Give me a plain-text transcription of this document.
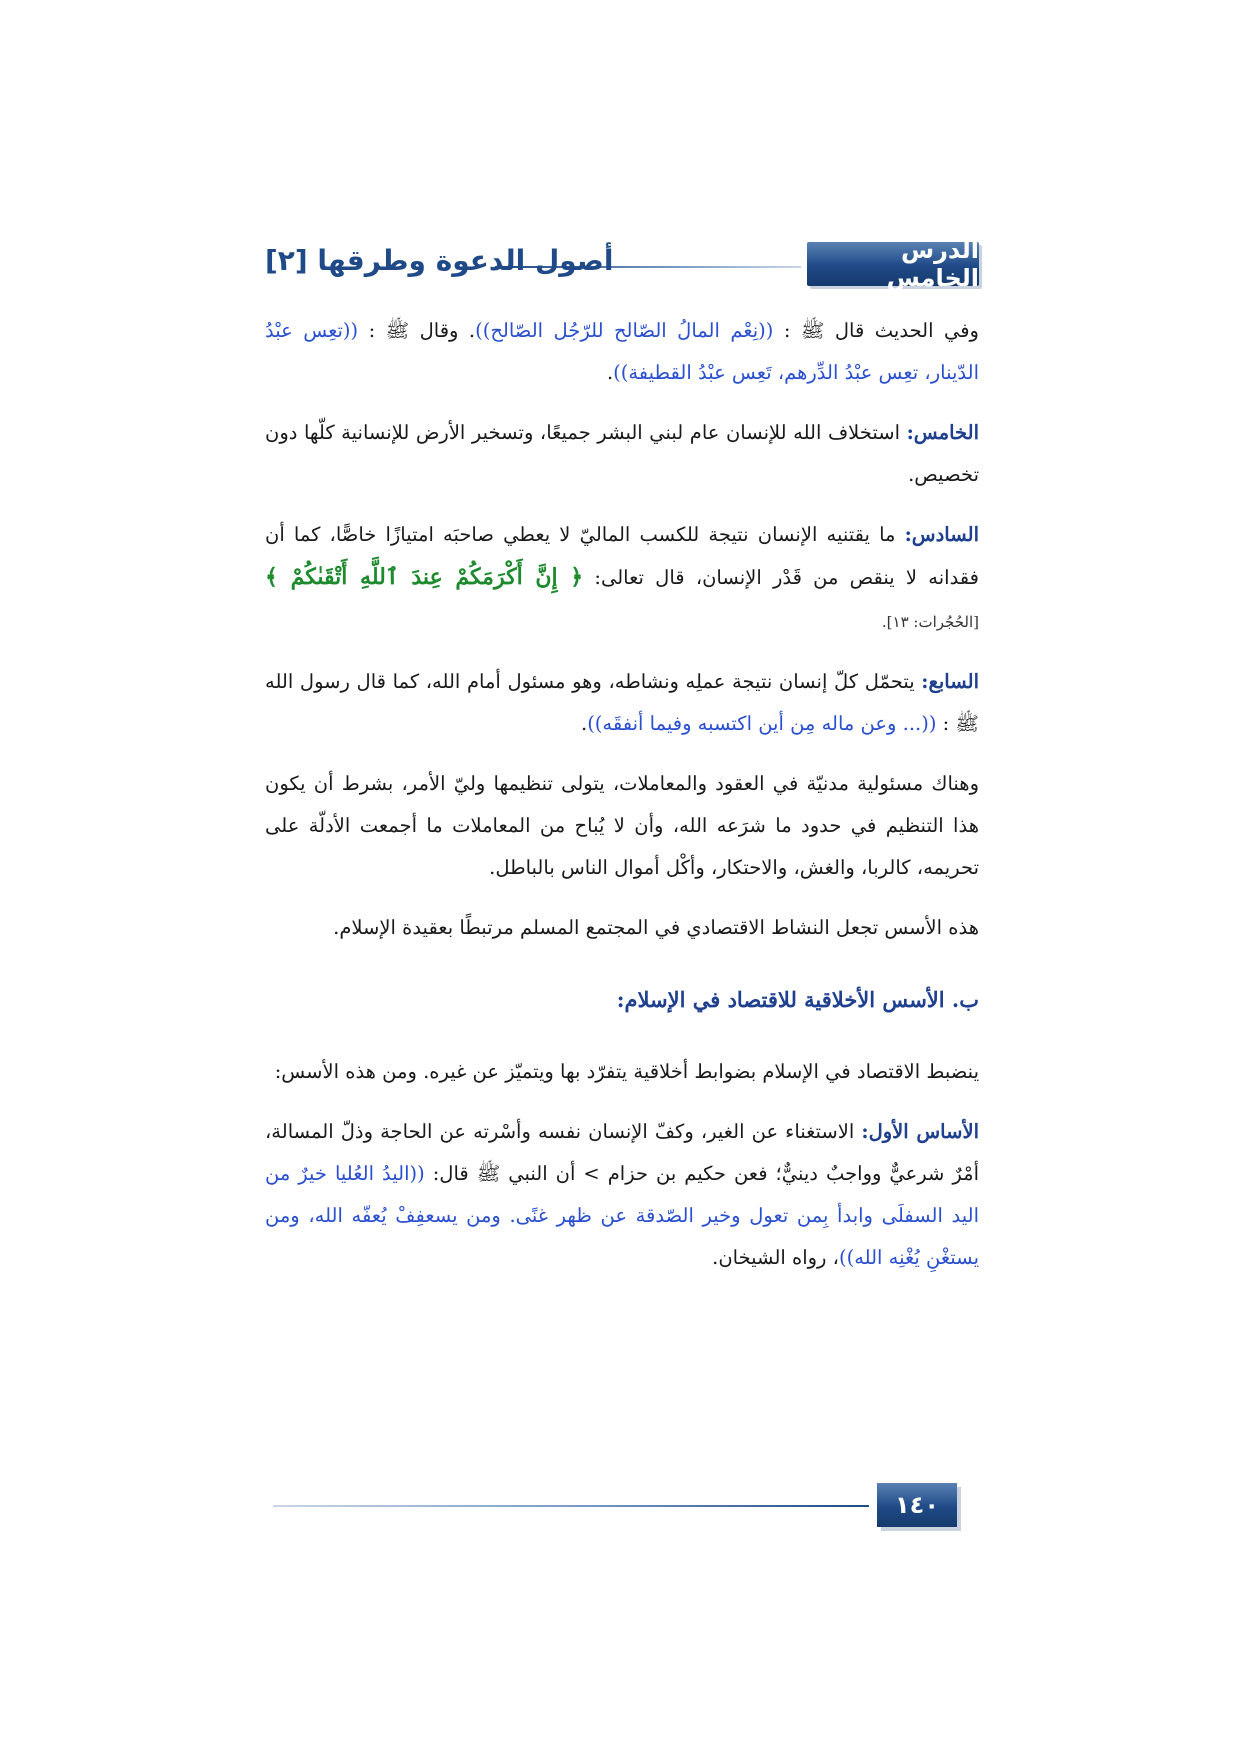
الدرس الخامس
أصول الدعوة وطرقها [٢]

وفي الحديث قال ﷺ : ((نِعْم المالُ الصّالح للرّجُل الصّالح)). وقال ﷺ : ((تعِس عبْدُ الدّينار، تعِس عبْدُ الدِّرهم، تَعِس عبْدُ القطيفة)).

الخامس: استخلاف الله للإنسان عام لبني البشر جميعًا، وتسخير الأرض للإنسانية كلّها دون تخصيص.

السادس: ما يقتنيه الإنسان نتيجة للكسب الماليّ لا يعطي صاحبَه امتيازًا خاصًّا، كما أن فقدانه لا ينقص من قَدْر الإنسان، قال تعالى: ﴿ إِنَّ أَكْرَمَكُمْ عِندَ ٱللَّهِ أَتْقَىٰكُمْ ﴾ [الحُجُرات: ١٣].

السابع: يتحمّل كلّ إنسان نتيجة عملِه ونشاطه، وهو مسئول أمام الله، كما قال رسول الله ﷺ : ((... وعن ماله مِن أين اكتسبه وفيما أنفقَه)).

وهناك مسئولية مدنيّة في العقود والمعاملات، يتولى تنظيمها وليّ الأمر، بشرط أن يكون هذا التنظيم في حدود ما شرَعه الله، وأن لا يُباح من المعاملات ما أجمعت الأدلّة على تحريمه، كالربا، والغش، والاحتكار، وأكْل أموال الناس بالباطل.

هذه الأسس تجعل النشاط الاقتصادي في المجتمع المسلم مرتبطًا بعقيدة الإسلام.

ب. الأسس الأخلاقية للاقتصاد في الإسلام:

ينضبط الاقتصاد في الإسلام بضوابط أخلاقية يتفرّد بها ويتميّز عن غيره. ومن هذه الأسس:

الأساس الأول: الاستغناء عن الغير، وكفّ الإنسان نفسه وأسْرته عن الحاجة وذلّ المسالة، أمْرٌ شرعيٌّ وواجبٌ دينيٌّ؛ فعن حكيم بن حزام > أن النبي ﷺ قال: ((اليدُ العُليا خيرٌ من اليد السفلَى وابدأ بِمن تعول وخير الصّدقة عن ظهر غنًى. ومن يسعفِفْ يُعفّه الله، ومن يستغْنِ يُغْنِه الله))، رواه الشيخان.

١٤٠
